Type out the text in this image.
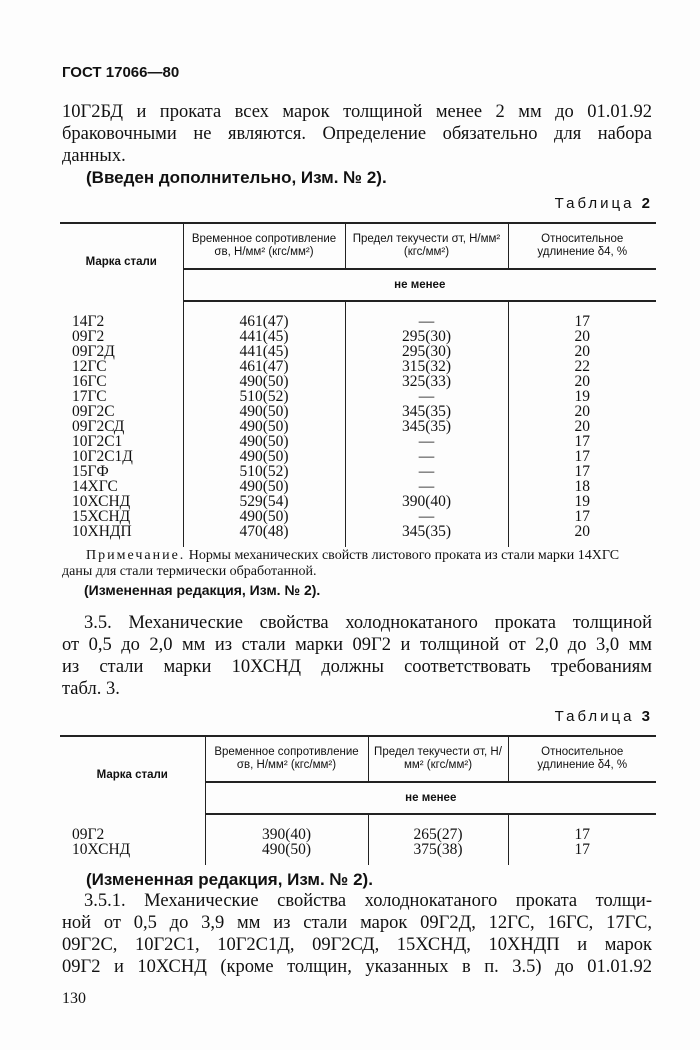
ГОСТ 17066—80
10Г2БД и проката всех марок толщиной менее 2 мм до 01.01.92
браковочными не являются. Определение обязательно для набора
данных.
(Введен дополнительно, Изм. № 2).
Таблица 2
Марка стали	Временное сопротивление σв, Н/мм² (кгс/мм²)	Предел текучести σт, Н/мм² (кгс/мм²)	Относительное удлинение δ4, %
	не менее		
14Г2	461(47)	—	17
09Г2	441(45)	295(30)	20
09Г2Д	441(45)	295(30)	20
12ГС	461(47)	315(32)	22
16ГС	490(50)	325(33)	20
17ГС	510(52)	—	19
09Г2С	490(50)	345(35)	20
09Г2СД	490(50)	345(35)	20
10Г2С1	490(50)	—	17
10Г2С1Д	490(50)	—	17
15ГФ	510(52)	—	17
14ХГС	490(50)	—	18
10ХСНД	529(54)	390(40)	19
15ХСНД	490(50)	—	17
10ХНДП	470(48)	345(35)	20
Примечание. Нормы механических свойств листового проката из стали марки 14ХГС даны для стали термически обработанной.
(Измененная редакция, Изм. № 2).
3.5. Механические свойства холоднокатаного проката толщиной
от 0,5 до 2,0 мм из стали марки 09Г2 и толщиной от 2,0 до 3,0 мм
из стали марки 10ХСНД должны соответствовать требованиям
табл. 3.
Таблица 3
Марка стали	Временное сопротивление σв, Н/мм² (кгс/мм²)	Предел текучести σт, Н/мм² (кгс/мм²)	Относительное удлинение δ4, %
	не менее		
09Г2	390(40)	265(27)	17
10ХСНД	490(50)	375(38)	17
(Измененная редакция, Изм. № 2).
3.5.1. Механические свойства холоднокатаного проката толщи-
ной от 0,5 до 3,9 мм из стали марок 09Г2Д, 12ГС, 16ГС, 17ГС,
09Г2С, 10Г2С1, 10Г2С1Д, 09Г2СД, 15ХСНД, 10ХНДП и марок
09Г2 и 10ХСНД (кроме толщин, указанных в п. 3.5) до 01.01.92
130
